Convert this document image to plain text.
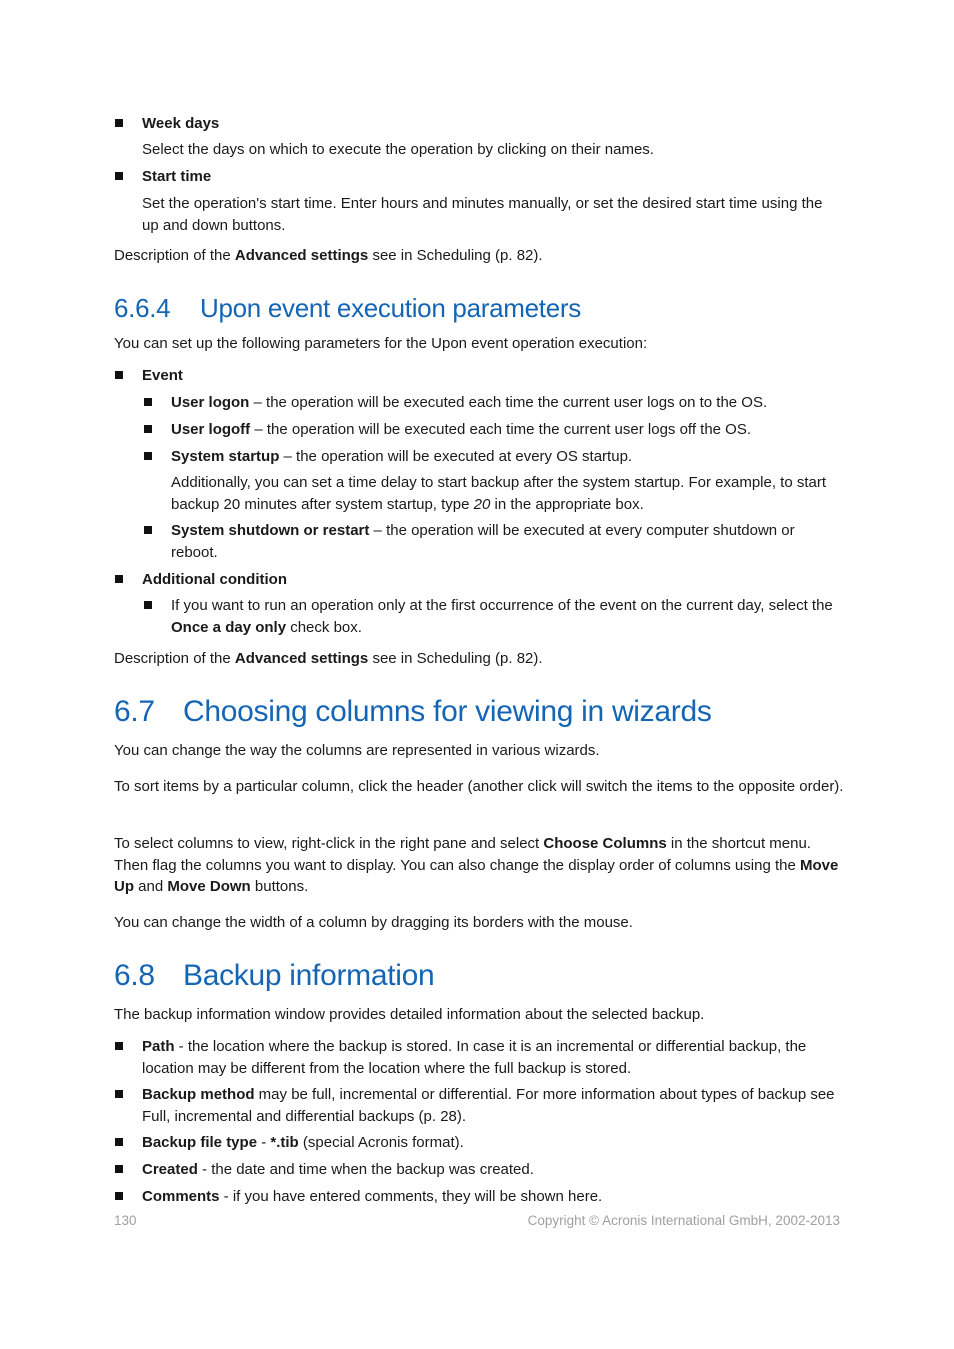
Week days

Select the days on which to execute the operation by clicking on their names.

Start time

Set the operation's start time. Enter hours and minutes manually, or set the desired start time using the up and down buttons.

Description of the Advanced settings see in Scheduling (p. 82).

6.6.4 Upon event execution parameters

You can set up the following parameters for the Upon event operation execution:

Event

User logon – the operation will be executed each time the current user logs on to the OS.

User logoff – the operation will be executed each time the current user logs off the OS.

System startup – the operation will be executed at every OS startup.

Additionally, you can set a time delay to start backup after the system startup. For example, to start backup 20 minutes after system startup, type 20 in the appropriate box.

System shutdown or restart – the operation will be executed at every computer shutdown or reboot.

Additional condition

If you want to run an operation only at the first occurrence of the event on the current day, select the Once a day only check box.

Description of the Advanced settings see in Scheduling (p. 82).

6.7 Choosing columns for viewing in wizards

You can change the way the columns are represented in various wizards.

To sort items by a particular column, click the header (another click will switch the items to the opposite order).

To select columns to view, right-click in the right pane and select Choose Columns in the shortcut menu. Then flag the columns you want to display. You can also change the display order of columns using the Move Up and Move Down buttons.

You can change the width of a column by dragging its borders with the mouse.

6.8 Backup information

The backup information window provides detailed information about the selected backup.

Path - the location where the backup is stored. In case it is an incremental or differential backup, the location may be different from the location where the full backup is stored.

Backup method may be full, incremental or differential. For more information about types of backup see Full, incremental and differential backups (p. 28).

Backup file type - *.tib (special Acronis format).

Created - the date and time when the backup was created.

Comments - if you have entered comments, they will be shown here.

130	Copyright © Acronis International GmbH, 2002-2013
